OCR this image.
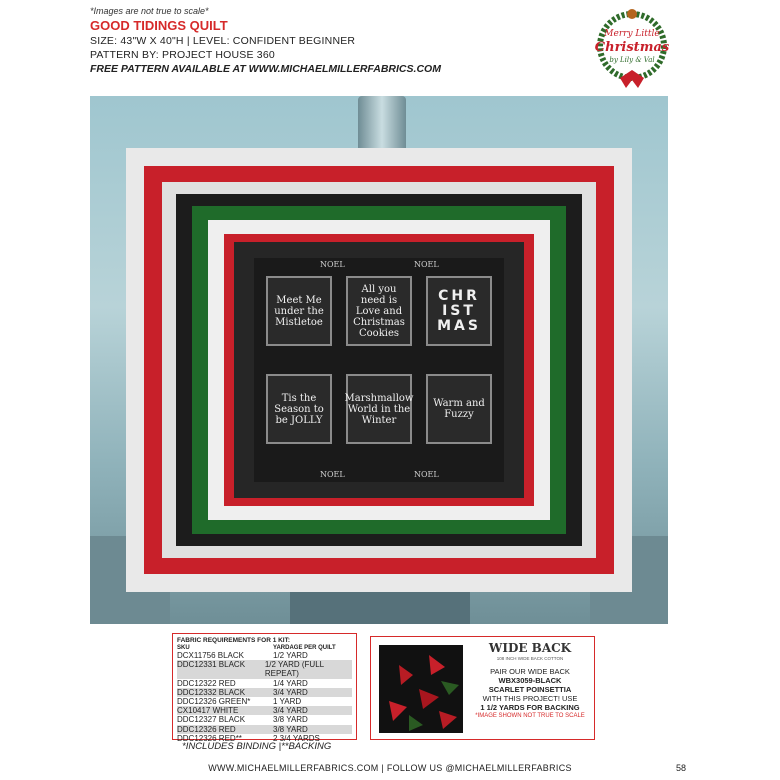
*Images are not true to scale*
GOOD TIDINGS QUILT
SIZE: 43"W X 40"H | LEVEL: CONFIDENT BEGINNER
PATTERN BY: PROJECT HOUSE 360
FREE PATTERN AVAILABLE AT WWW.MICHAELMILLERFABRICS.COM
Merry Little
Christmas
by Lily & Val
NOEL	NOEL
NOEL	NOEL
Meet Me under the Mistletoe
All you need is Love and Christmas Cookies
CHR IST MAS
Tis the Season to be JOLLY
Marshmallow World in the Winter
Warm and Fuzzy
FABRIC REQUIREMENTS FOR 1 KIT:
SKU	YARDAGE PER QUILT
DCX11756 BLACK	1/2 YARD
DDC12331 BLACK	1/2 YARD (FULL REPEAT)
DDC12322 RED	1/4 YARD
DDC12332 BLACK	3/4 YARD
DDC12326 GREEN*	1 YARD
CX10417 WHITE	3/4 YARD
DDC12327 BLACK	3/8 YARD
DDC12326 RED	3/8 YARD
DDC12326 RED**	2 3/4 YARDS
*INCLUDES BINDING |**BACKING
WIDE BACK
108 INCH WIDE BACK COTTON
PAIR OUR WIDE BACK
WBX3059-BLACK
SCARLET POINSETTIA
WITH THIS PROJECT! USE
1 1/2 YARDS FOR BACKING
*IMAGE SHOWN NOT TRUE TO SCALE
WWW.MICHAELMILLERFABRICS.COM | FOLLOW US @MICHAELMILLERFABRICS	58
